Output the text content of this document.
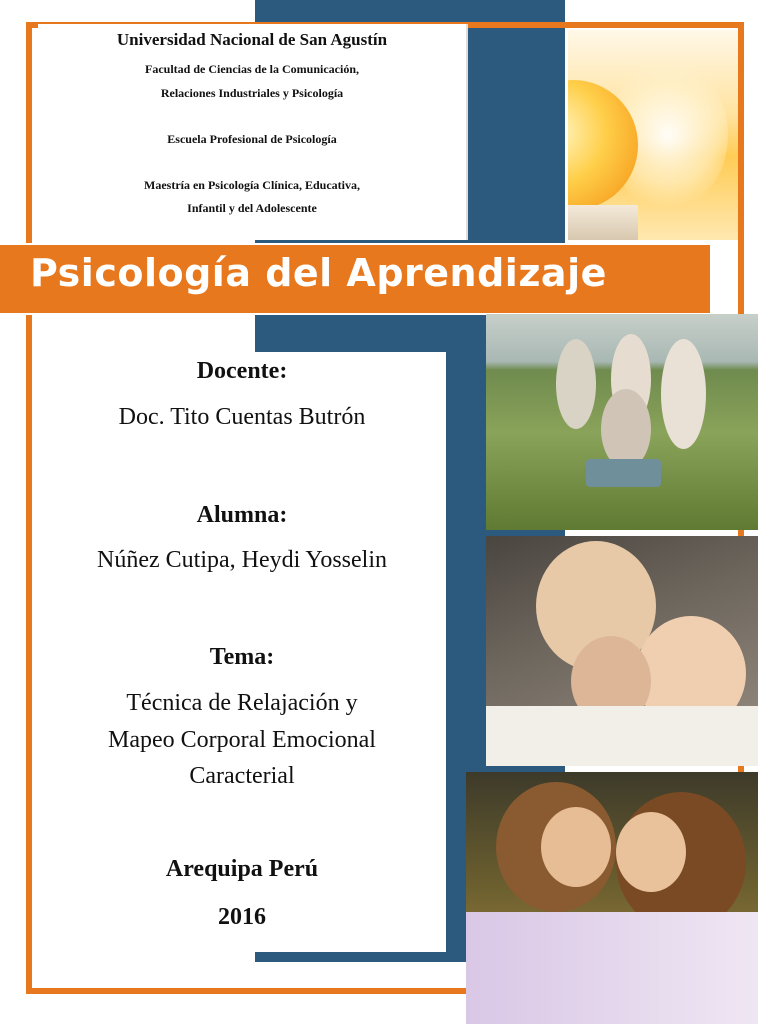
Universidad Nacional de San Agustín
Facultad de Ciencias de la Comunicación,
Relaciones Industriales y Psicología
Escuela Profesional de Psicología
Maestría en Psicología Clínica, Educativa,
Infantil y del Adolescente
Psicología del Aprendizaje
Docente:
Doc. Tito Cuentas Butrón
Alumna:
Núñez Cutipa, Heydi Yosselin
Tema:
Técnica de Relajación y
Mapeo Corporal Emocional
Caracterial
Arequipa Perú
2016
